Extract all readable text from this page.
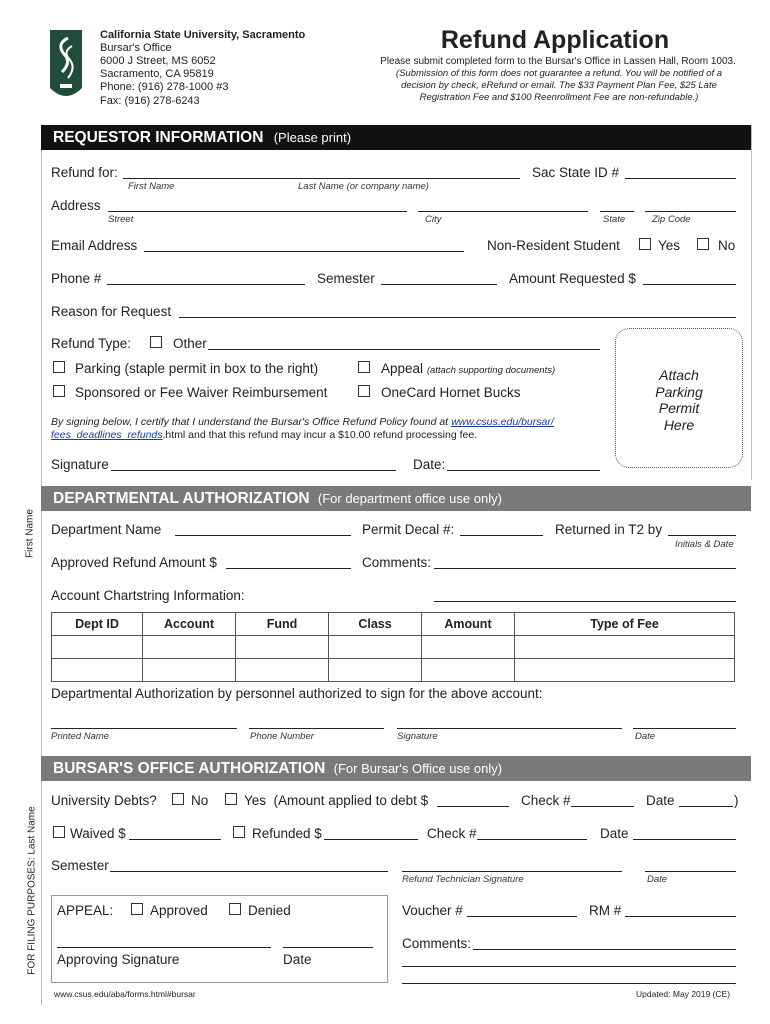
California State University, Sacramento
Bursar's Office
6000 J Street, MS 6052
Sacramento, CA 95819
Phone: (916) 278-1000 #3
Fax: (916) 278-6243
Refund Application
Please submit completed form to the Bursar's Office in Lassen Hall, Room 1003.
(Submission of this form does not guarantee a refund. You will be notified of a decision by check, eRefund or email. The $33 Payment Plan Fee, $25 Late Registration Fee and $100 Reenrollment Fee are non-refundable.)
First Name
FOR FILING PURPOSES: Last Name
REQUESTOR INFORMATION (Please print)
Refund for:
First Name	Last Name (or company name)
Sac State ID #
Address
Street	City	State	Zip Code
Email Address	Non-Resident Student	Yes	No
Phone #	Semester	Amount Requested $
Reason for Request
Refund Type:	Other
Parking (staple permit in box to the right)	Appeal (attach supporting documents)
Sponsored or Fee Waiver Reimbursement	OneCard Hornet Bucks
Attach
Parking
Permit
Here
By signing below, I certify that I understand the Bursar's Office Refund Policy found at www.csus.edu/bursar/
fees_deadlines_refunds.html and that this refund may incur a $10.00 refund processing fee.
Signature	Date:
DEPARTMENTAL AUTHORIZATION (For department office use only)
Department Name	Permit Decal #:	Returned in T2 by
Initials & Date
Approved Refund Amount $	Comments:
Account Chartstring Information:
Dept ID	Account	Fund	Class	Amount	Type of Fee

Departmental Authorization by personnel authorized to sign for the above account:
Printed Name	Phone Number	Signature	Date
BURSAR'S OFFICE AUTHORIZATION (For Bursar's Office use only)
University Debts?	No	Yes  (Amount applied to debt $	Check #	Date	)
Waived $	Refunded $	Check #	Date
Semester
Refund Technician Signature	Date
APPEAL:	Approved	Denied
Approving Signature	Date
Voucher #	RM #
Comments:
www.csus.edu/aba/forms.html#bursar	Updated: May 2019 (CE)
